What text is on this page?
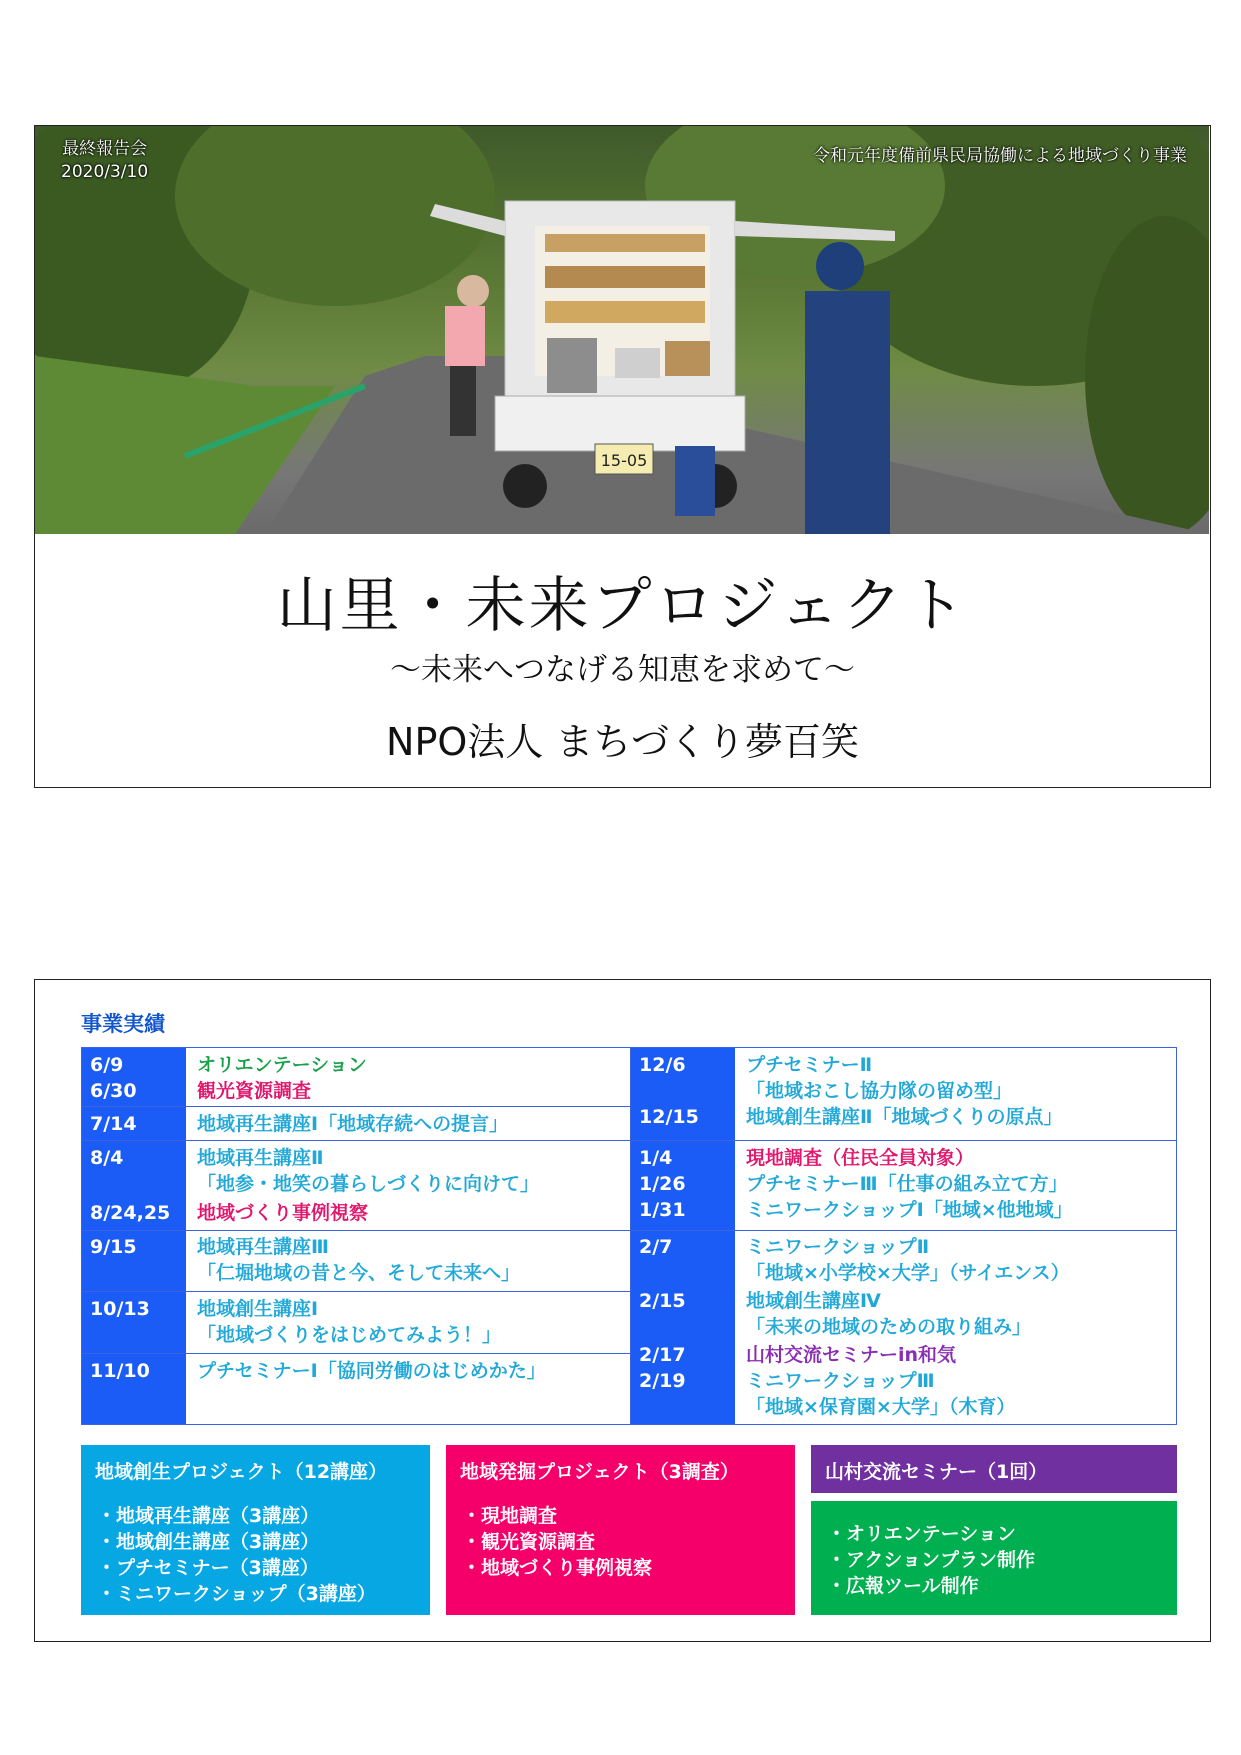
15-05
最終報告会
2020/3/10
令和元年度備前県民局協働による地域づくり事業
山里・未来プロジェクト
〜未来へつなげる知恵を求めて〜
NPO法人 まちづくり夢百笑
事業実績
6/9
6/30
7/14
8/4
8/24,25
9/15
10/13
11/10
オリエンテーション
観光資源調査
地域再生講座Ⅰ「地域存続への提言」
地域再生講座Ⅱ
「地参・地笑の暮らしづくりに向けて」
地域づくり事例視察
地域再生講座Ⅲ
「仁堀地域の昔と今、そして未来へ」
地域創生講座Ⅰ
「地域づくりをはじめてみよう！」
プチセミナーⅠ「協同労働のはじめかた」
12/6
12/15
1/4
1/26
1/31
2/7
2/15
2/17
2/19
プチセミナーⅡ
「地域おこし協力隊の留め型」
地域創生講座Ⅱ「地域づくりの原点」
現地調査（住民全員対象）
プチセミナーⅢ「仕事の組み立て方」
ミニワークショップⅠ「地域×他地域」
ミニワークショップⅡ
「地域×小学校×大学」（サイエンス）
地域創生講座Ⅳ
「未来の地域のための取り組み」
山村交流セミナーin和気
ミニワークショップⅢ
「地域×保育園×大学」（木育）
地域創生プロジェクト（12講座）
・地域再生講座（3講座）
・地域創生講座（3講座）
・プチセミナー（3講座）
・ミニワークショップ（3講座）
地域発掘プロジェクト（3調査）
・現地調査
・観光資源調査
・地域づくり事例視察
山村交流セミナー（1回）
・オリエンテーション
・アクションプラン制作
・広報ツール制作
